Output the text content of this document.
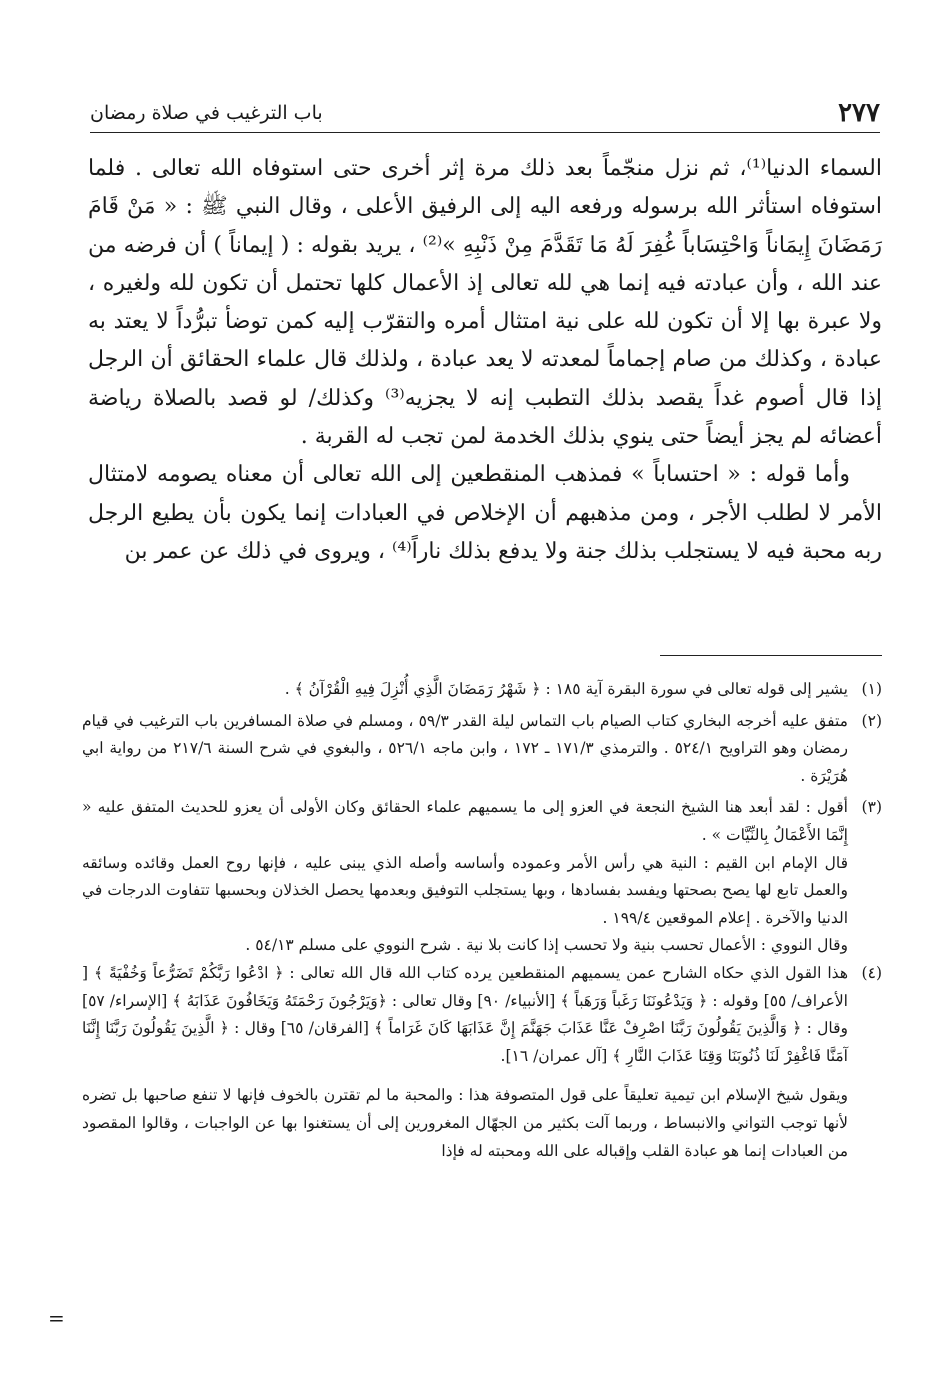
٢٧٧
باب الترغيب في صلاة رمضان

السماء الدنيا⁽¹⁾، ثم نزل منجّماً بعد ذلك مرة إثر أخرى حتى استوفاه الله تعالى . فلما استوفاه استأثر الله برسوله ورفعه اليه إلى الرفيق الأعلى ، وقال النبي ﷺ : « مَنْ قَامَ رَمَضَانَ إِيمَاناً وَاحْتِسَاباً غُفِرَ لَهُ مَا تَقَدَّمَ مِنْ ذَنْبِهِ »⁽²⁾ ، يريد بقوله : ( إيماناً ) أن فرضه من عند الله ، وأن عبادته فيه إنما هي لله تعالى إذ الأعمال كلها تحتمل أن تكون لله ولغيره ، ولا عبرة بها إلا أن تكون لله على نية امتثال أمره والتقرّب إليه كمن توضأ تبرُّداً لا يعتد به عبادة ، وكذلك من صام إجماماً لمعدته لا يعد عبادة ، ولذلك قال علماء الحقائق أن الرجل إذا قال أصوم غداً يقصد بذلك التطبب إنه لا يجزيه⁽³⁾ وكذلك/ لو قصد بالصلاة رياضة أعضائه لم يجز أيضاً حتى ينوي بذلك الخدمة لمن تجب له القربة .

وأما قوله : « احتساباً » فمذهب المنقطعين إلى الله تعالى أن معناه يصومه لامتثال الأمر لا لطلب الأجر ، ومن مذهبهم أن الإخلاص في العبادات إنما يكون بأن يطيع الرجل ربه محبة فيه لا يستجلب بذلك جنة ولا يدفع بذلك ناراً⁽⁴⁾ ، ويروى في ذلك عن عمر بن

(١)
يشير إلى قوله تعالى في سورة البقرة آية ١٨٥ : ﴿ شَهْرُ رَمَضَانَ الَّذِي أُنْزِلَ فِيهِ الْقُرْآنُ ﴾ .

(٢)
متفق عليه أخرجه البخاري كتاب الصيام باب التماس ليلة القدر ٥٩/٣ ، ومسلم في صلاة المسافرين باب الترغيب في قيام رمضان وهو التراويح ٥٢٤/١ . والترمذي ١٧١/٣ ـ ١٧٢ ، وابن ماجه ٥٢٦/١ ، والبغوي في شرح السنة ٢١٧/٦ من رواية ابي هُرَيْرَة .

(٣)
أقول : لقد أبعد هنا الشيخ النجعة في العزو إلى ما يسميهم علماء الحقائق وكان الأولى أن يعزو للحديث المتفق عليه « إِنَّمَا الأَعْمَالُ بِالنِّيَّات » .

قال الإمام ابن القيم : النية هي رأس الأمر وعموده وأساسه وأصله الذي يبنى عليه ، فإنها روح العمل وقائده وسائقه والعمل تابع لها يصح بصحتها ويفسد بفسادها ، وبها يستجلب التوفيق وبعدمها يحصل الخذلان وبحسبها تتفاوت الدرجات في الدنيا والآخرة . إعلام الموقعين ١٩٩/٤ .

وقال النووي : الأعمال تحسب بنية ولا تحسب إذا كانت بلا نية . شرح النووي على مسلم ٥٤/١٣ .

(٤)
هذا القول الذي حكاه الشارح عمن يسميهم المنقطعين يرده كتاب الله قال الله تعالى : ﴿ ادْعُوا رَبَّكُمْ تَضَرُّعاً وَخُفْيَةً ﴾ [ الأعراف/ ٥٥] وقوله : ﴿ وَيَدْعُونَنَا رَغَباً وَرَهَباً ﴾ [الأنبياء/ ٩٠] وقال تعالى : ﴿وَيَرْجُونَ رَحْمَتَهُ وَيَخَافُونَ عَذَابَهُ ﴾ [الإسراء/ ٥٧] وقال : ﴿ وَالَّذِينَ يَقُولُونَ رَبَّنَا اصْرِفْ عَنَّا عَذَابَ جَهَنَّمَ إِنَّ عَذَابَهَا كَانَ غَرَاماً ﴾ [الفرقان/ ٦٥] وقال : ﴿ الَّذِينَ يَقُولُونَ رَبَّنَا إِنَّنَا آمَنَّا فَاغْفِرْ لَنَا ذُنُوبَنَا وَقِنَا عَذَابَ النَّارِ ﴾ [آل عمران/ ١٦].

ويقول شيخ الإسلام ابن تيمية تعليقاً على قول المتصوفة هذا : والمحبة ما لم تقترن بالخوف فإنها لا تنفع صاحبها بل تضره لأنها توجب التواني والانبساط ، وربما آلت بكثير من الجهّال المغرورين إلى أن يستغنوا بها عن الواجبات ، وقالوا المقصود من العبادات إنما هو عبادة القلب وإقباله على الله ومحبته له فإذا

=
